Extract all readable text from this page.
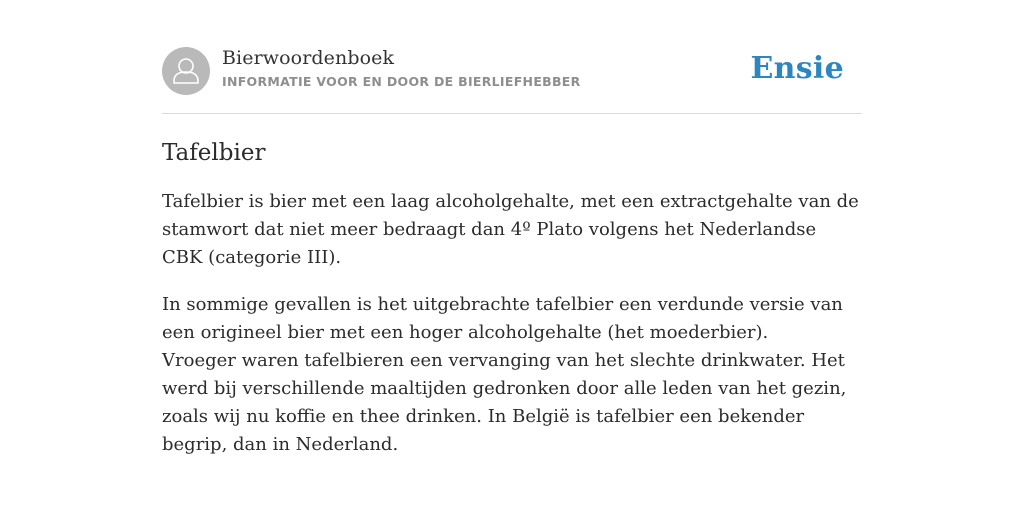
Bierwoordenboek
INFORMATIE VOOR EN DOOR DE BIERLIEFHEBBER	Ensie
Tafelbier

Tafelbier is bier met een laag alcoholgehalte, met een extractgehalte van de stamwort dat niet meer bedraagt dan 4º Plato volgens het Nederlandse CBK (categorie III).

In sommige gevallen is het uitgebrachte tafelbier een verdunde versie van een origineel bier met een hoger alcoholgehalte (het moederbier).
Vroeger waren tafelbieren een vervanging van het slechte drinkwater. Het werd bij verschillende maaltijden gedronken door alle leden van het gezin, zoals wij nu koffie en thee drinken. In België is tafelbier een bekender begrip, dan in Nederland.
